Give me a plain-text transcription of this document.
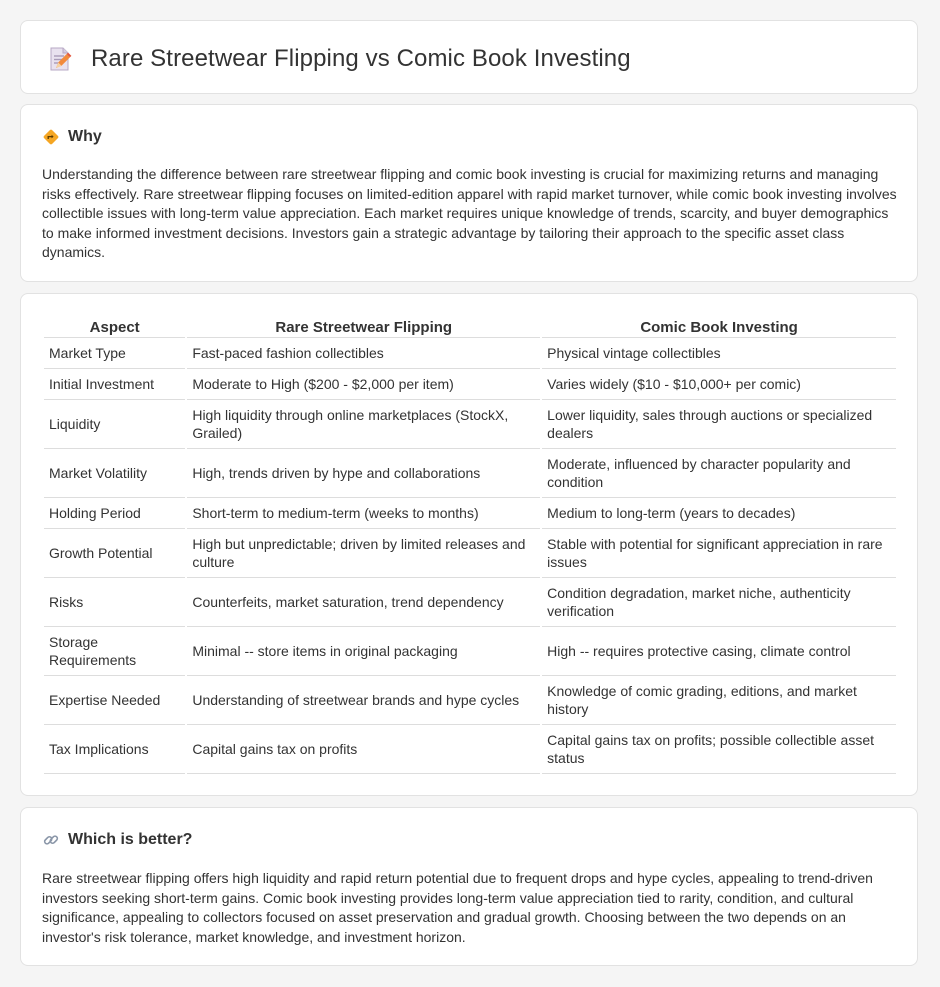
Rare Streetwear Flipping vs Comic Book Investing
Why

Understanding the difference between rare streetwear flipping and comic book investing is crucial for maximizing returns and managing risks effectively. Rare streetwear flipping focuses on limited-edition apparel with rapid market turnover, while comic book investing involves collectible issues with long-term value appreciation. Each market requires unique knowledge of trends, scarcity, and buyer demographics to make informed investment decisions. Investors gain a strategic advantage by tailoring their approach to the specific asset class dynamics.

Aspect	Rare Streetwear Flipping	Comic Book Investing
Market Type	Fast-paced fashion collectibles	Physical vintage collectibles
Initial Investment	Moderate to High ($200 - $2,000 per item)	Varies widely ($10 - $10,000+ per comic)
Liquidity	High liquidity through online marketplaces (StockX, Grailed)	Lower liquidity, sales through auctions or specialized dealers
Market Volatility	High, trends driven by hype and collaborations	Moderate, influenced by character popularity and condition
Holding Period	Short-term to medium-term (weeks to months)	Medium to long-term (years to decades)
Growth Potential	High but unpredictable; driven by limited releases and culture	Stable with potential for significant appreciation in rare issues
Risks	Counterfeits, market saturation, trend dependency	Condition degradation, market niche, authenticity verification
Storage Requirements	Minimal -- store items in original packaging	High -- requires protective casing, climate control
Expertise Needed	Understanding of streetwear brands and hype cycles	Knowledge of comic grading, editions, and market history
Tax Implications	Capital gains tax on profits	Capital gains tax on profits; possible collectible asset status
Which is better?

Rare streetwear flipping offers high liquidity and rapid return potential due to frequent drops and hype cycles, appealing to trend-driven investors seeking short-term gains. Comic book investing provides long-term value appreciation tied to rarity, condition, and cultural significance, appealing to collectors focused on asset preservation and gradual growth. Choosing between the two depends on an investor's risk tolerance, market knowledge, and investment horizon.
